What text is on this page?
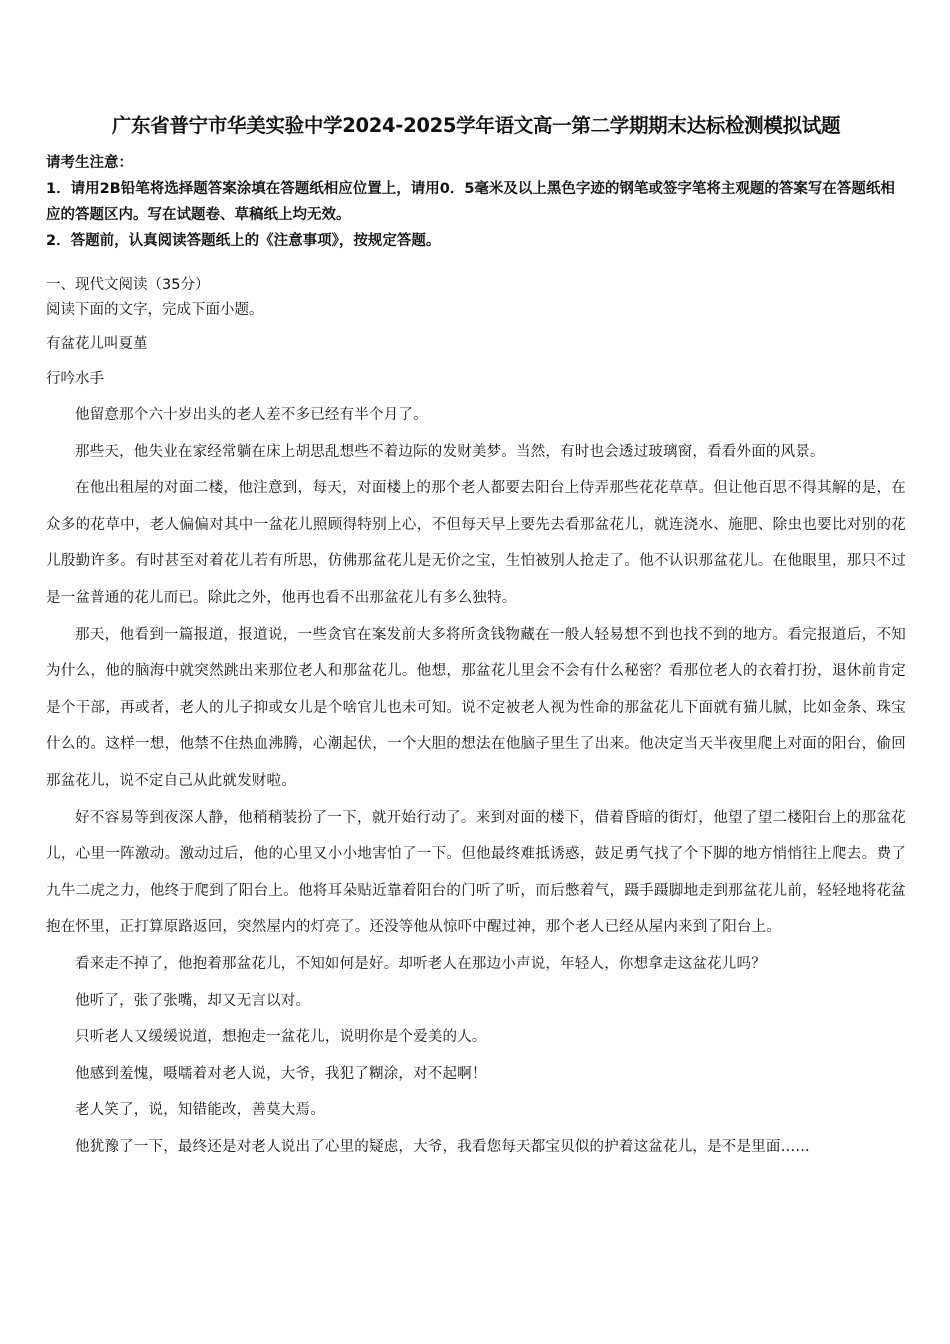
广东省普宁市华美实验中学2024-2025学年语文高一第二学期期末达标检测模拟试题

请考生注意：

1．请用2B铅笔将选择题答案涂填在答题纸相应位置上，请用0．5毫米及以上黑色字迹的钢笔或签字笔将主观题的答案写在答题纸相应的答题区内。写在试题卷、草稿纸上均无效。

2．答题前，认真阅读答题纸上的《注意事项》，按规定答题。

一、现代文阅读（35分）
阅读下面的文字，完成下面小题。
有盆花儿叫夏堇
行吟水手

他留意那个六十岁出头的老人差不多已经有半个月了。

那些天，他失业在家经常躺在床上胡思乱想些不着边际的发财美梦。当然，有时也会透过玻璃窗，看看外面的风景。

在他出租屋的对面二楼，他注意到，每天，对面楼上的那个老人都要去阳台上侍弄那些花花草草。但让他百思不得其解的是，在众多的花草中，老人偏偏对其中一盆花儿照顾得特别上心，不但每天早上要先去看那盆花儿，就连浇水、施肥、除虫也要比对别的花儿殷勤许多。有时甚至对着花儿若有所思，仿佛那盆花儿是无价之宝，生怕被别人抢走了。他不认识那盆花儿。在他眼里，那只不过是一盆普通的花儿而已。除此之外，他再也看不出那盆花儿有多么独特。

那天，他看到一篇报道，报道说，一些贪官在案发前大多将所贪钱物藏在一般人轻易想不到也找不到的地方。看完报道后，不知为什么，他的脑海中就突然跳出来那位老人和那盆花儿。他想，那盆花儿里会不会有什么秘密？看那位老人的衣着打扮，退休前肯定是个干部，再或者，老人的儿子抑或女儿是个啥官儿也未可知。说不定被老人视为性命的那盆花儿下面就有猫儿腻，比如金条、珠宝什么的。这样一想，他禁不住热血沸腾，心潮起伏，一个大胆的想法在他脑子里生了出来。他决定当天半夜里爬上对面的阳台，偷回那盆花儿，说不定自己从此就发财啦。

好不容易等到夜深人静，他稍稍装扮了一下，就开始行动了。来到对面的楼下，借着昏暗的街灯，他望了望二楼阳台上的那盆花儿，心里一阵激动。激动过后，他的心里又小小地害怕了一下。但他最终难抵诱惑，鼓足勇气找了个下脚的地方悄悄往上爬去。费了九牛二虎之力，他终于爬到了阳台上。他将耳朵贴近靠着阳台的门听了听，而后憋着气，蹑手蹑脚地走到那盆花儿前，轻轻地将花盆抱在怀里，正打算原路返回，突然屋内的灯亮了。还没等他从惊吓中醒过神，那个老人已经从屋内来到了阳台上。

看来走不掉了，他抱着那盆花儿，不知如何是好。却听老人在那边小声说，年轻人，你想拿走这盆花儿吗？

他听了，张了张嘴，却又无言以对。

只听老人又缓缓说道，想抱走一盆花儿，说明你是个爱美的人。

他感到羞愧，嗫嚅着对老人说，大爷，我犯了糊涂，对不起啊！

老人笑了，说，知错能改，善莫大焉。

他犹豫了一下，最终还是对老人说出了心里的疑虑，大爷，我看您每天都宝贝似的护着这盆花儿，是不是里面……
